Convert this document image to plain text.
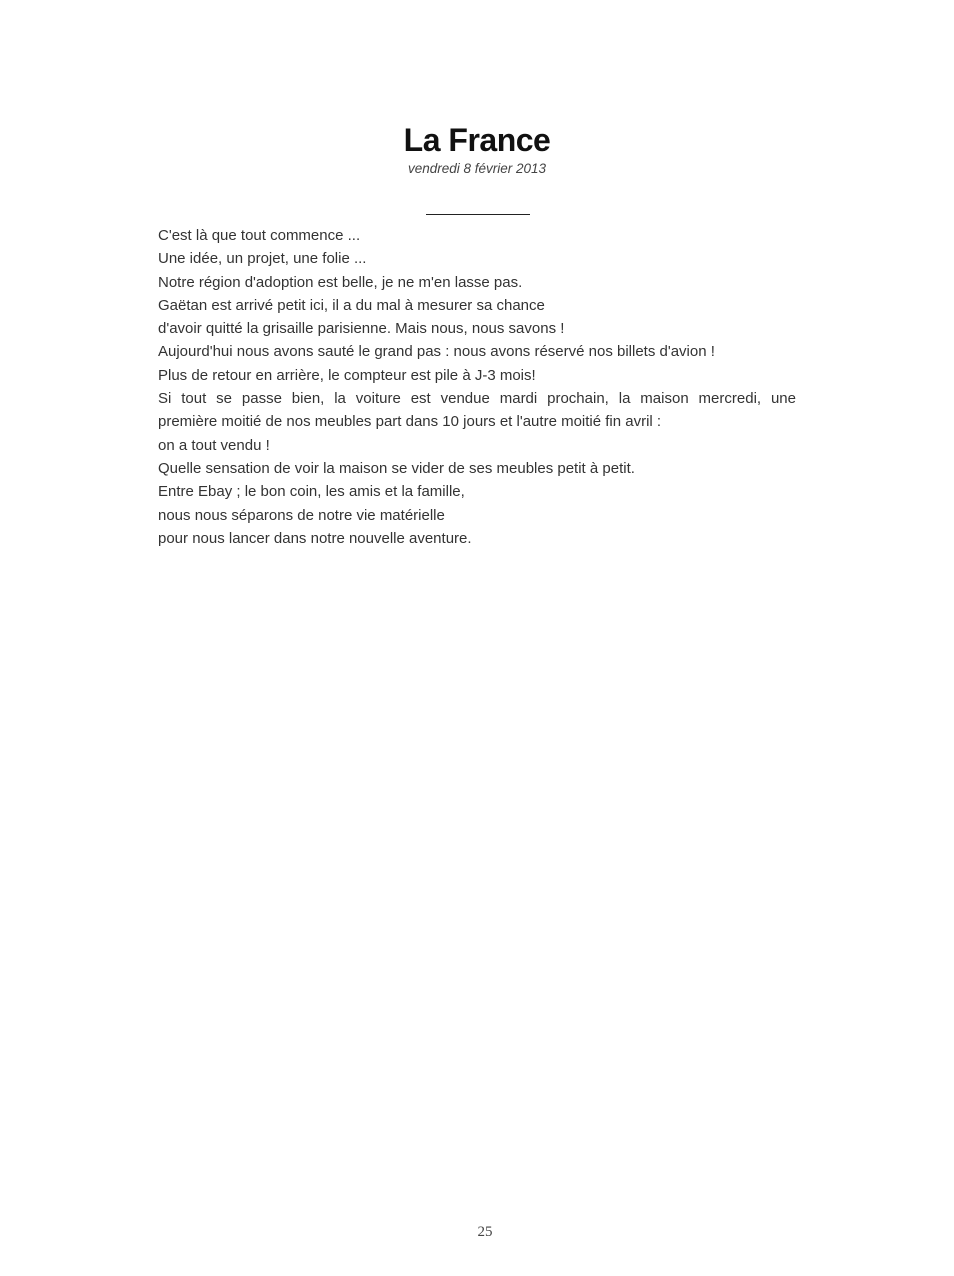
La France
vendredi 8 février 2013
C'est là que tout commence ...
Une idée, un projet, une folie ...
Notre région d'adoption est belle, je ne m'en lasse pas.
Gaëtan est arrivé petit ici, il a du mal à mesurer sa chance
d'avoir quitté la grisaille parisienne. Mais nous, nous savons !
Aujourd'hui nous avons sauté le grand pas : nous avons réservé nos billets d'avion !
Plus de retour en arrière, le compteur est pile à J-3 mois!
Si tout se passe bien, la voiture est vendue mardi prochain, la maison mercredi, une
première moitié de nos meubles part dans 10 jours et l'autre moitié fin avril :
on a tout vendu !
Quelle sensation de voir la maison se vider de ses meubles petit à petit.
Entre Ebay ; le bon coin, les amis et la famille,
nous nous séparons de notre vie matérielle
pour nous lancer dans notre nouvelle aventure.
25
